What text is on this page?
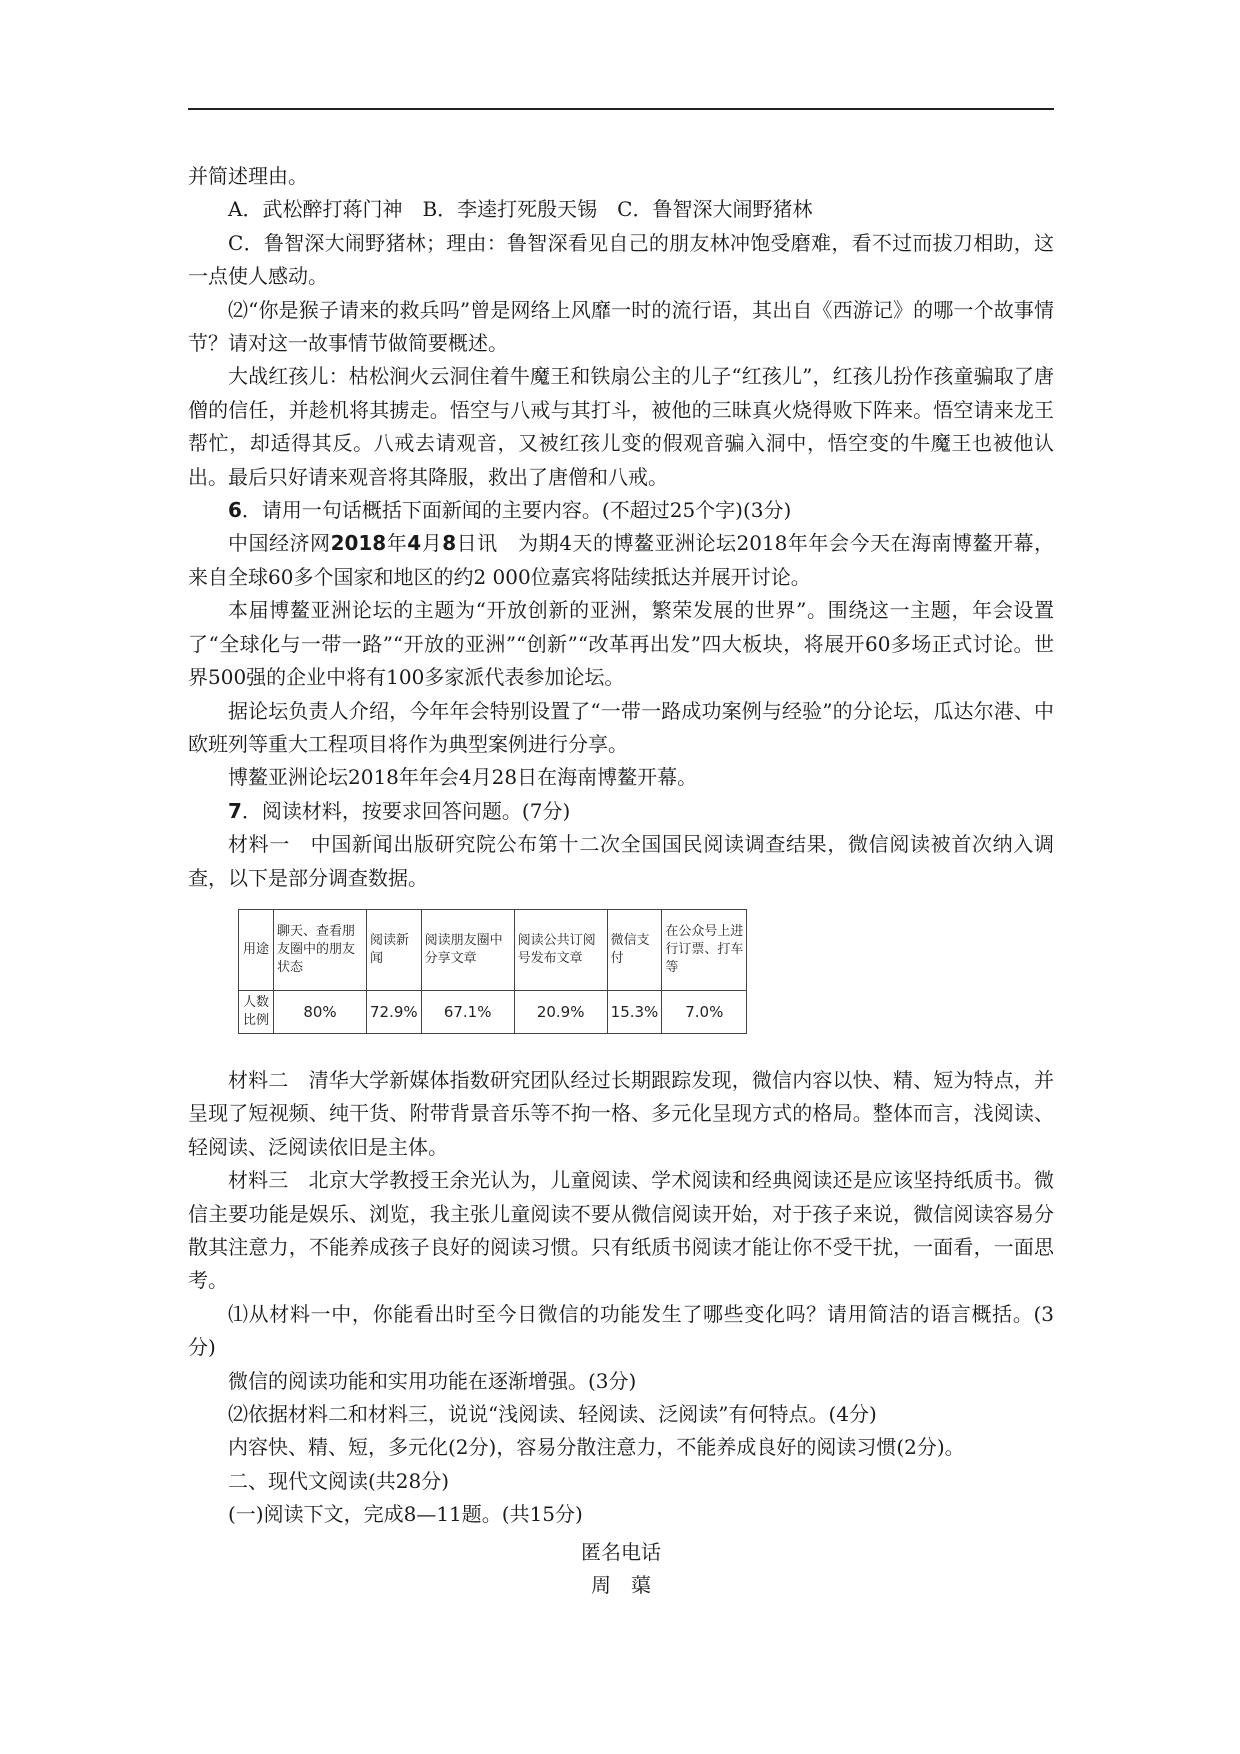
并简述理由。

A．武松醉打蒋门神　B．李逵打死殷天锡　C．鲁智深大闹野猪林

C．鲁智深大闹野猪林；理由：鲁智深看见自己的朋友林冲饱受磨难，看不过而拔刀相助，这一点使人感动。

⑵“你是猴子请来的救兵吗”曾是网络上风靡一时的流行语，其出自《西游记》的哪一个故事情节？请对这一故事情节做简要概述。

大战红孩儿：枯松涧火云洞住着牛魔王和铁扇公主的儿子“红孩儿”，红孩儿扮作孩童骗取了唐僧的信任，并趁机将其掳走。悟空与八戒与其打斗，被他的三昧真火烧得败下阵来。悟空请来龙王帮忙，却适得其反。八戒去请观音，又被红孩儿变的假观音骗入洞中，悟空变的牛魔王也被他认出。最后只好请来观音将其降服，救出了唐僧和八戒。

6．请用一句话概括下面新闻的主要内容。(不超过25个字)(3分)

中国经济网2018年4月8日讯　为期4天的博鳌亚洲论坛2018年年会今天在海南博鳌开幕，来自全球60多个国家和地区的约2 000位嘉宾将陆续抵达并展开讨论。

本届博鳌亚洲论坛的主题为“开放创新的亚洲，繁荣发展的世界”。围绕这一主题，年会设置了“全球化与一带一路”“开放的亚洲”“创新”“改革再出发”四大板块，将展开60多场正式讨论。世界500强的企业中将有100多家派代表参加论坛。

据论坛负责人介绍，今年年会特别设置了“一带一路成功案例与经验”的分论坛，瓜达尔港、中欧班列等重大工程项目将作为典型案例进行分享。

博鳌亚洲论坛2018年年会4月28日在海南博鳌开幕。

7．阅读材料，按要求回答问题。(7分)

材料一　中国新闻出版研究院公布第十二次全国国民阅读调查结果，微信阅读被首次纳入调查，以下是部分调查数据。

用途	聊天、查看朋友圈中的朋友状态	阅读新闻	阅读朋友圈中分享文章	阅读公共订阅号发布文章	微信支付	在公众号上进行订票、打车等
人数比例	80%	72.9%	67.1%	20.9%	15.3%	7.0%

材料二　清华大学新媒体指数研究团队经过长期跟踪发现，微信内容以快、精、短为特点，并呈现了短视频、纯干货、附带背景音乐等不拘一格、多元化呈现方式的格局。整体而言，浅阅读、轻阅读、泛阅读依旧是主体。

材料三　北京大学教授王余光认为，儿童阅读、学术阅读和经典阅读还是应该坚持纸质书。微信主要功能是娱乐、浏览，我主张儿童阅读不要从微信阅读开始，对于孩子来说，微信阅读容易分散其注意力，不能养成孩子良好的阅读习惯。只有纸质书阅读才能让你不受干扰，一面看，一面思考。

⑴从材料一中，你能看出时至今日微信的功能发生了哪些变化吗？请用简洁的语言概括。(3分)

微信的阅读功能和实用功能在逐渐增强。(3分)

⑵依据材料二和材料三，说说“浅阅读、轻阅读、泛阅读”有何特点。(4分)

内容快、精、短，多元化(2分)，容易分散注意力，不能养成良好的阅读习惯(2分)。

二、现代文阅读(共28分)

(一)阅读下文，完成8—11题。(共15分)

匿名电话

周　蕖
